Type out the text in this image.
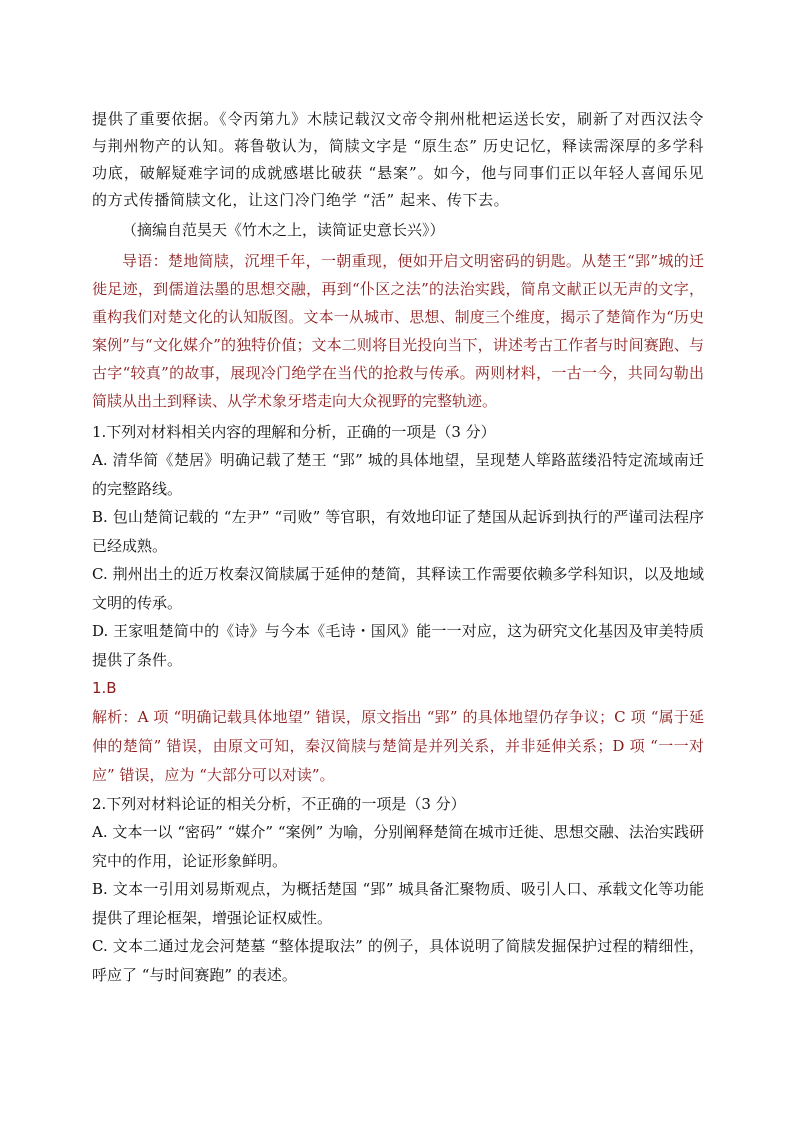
提供了重要依据。《令丙第九》木牍记载汉文帝令荆州枇杷运送长安，刷新了对西汉法令与荆州物产的认知。蒋鲁敬认为，简牍文字是 “原生态” 历史记忆，释读需深厚的多学科功底，破解疑难字词的成就感堪比破获 “悬案”。如今，他与同事们正以年轻人喜闻乐见的方式传播简牍文化，让这门冷门绝学 “活” 起来、传下去。

（摘编自范昊天《竹木之上，读简证史意长兴》）

导语：楚地简牍，沉埋千年，一朝重现，便如开启文明密码的钥匙。从楚王“郢”城的迁徙足迹，到儒道法墨的思想交融，再到“仆区之法”的法治实践，简帛文献正以无声的文字，重构我们对楚文化的认知版图。文本一从城市、思想、制度三个维度，揭示了楚简作为“历史案例”与“文化媒介”的独特价值；文本二则将目光投向当下，讲述考古工作者与时间赛跑、与古字“较真”的故事，展现冷门绝学在当代的抢救与传承。两则材料，一古一今，共同勾勒出简牍从出土到释读、从学术象牙塔走向大众视野的完整轨迹。

1.下列对材料相关内容的理解和分析，正确的一项是（3 分）

A. 清华简《楚居》明确记载了楚王 “郢” 城的具体地望，呈现楚人筚路蓝缕沿特定流域南迁的完整路线。

B. 包山楚简记载的 “左尹” “司败” 等官职，有效地印证了楚国从起诉到执行的严谨司法程序已经成熟。

C. 荆州出土的近万枚秦汉简牍属于延伸的楚简，其释读工作需要依赖多学科知识，以及地域文明的传承。

D. 王家咀楚简中的《诗》与今本《毛诗・国风》能一一对应，这为研究文化基因及审美特质提供了条件。

1.B

解析：A 项 “明确记载具体地望” 错误，原文指出 “郢” 的具体地望仍存争议；C 项 “属于延伸的楚简” 错误，由原文可知，秦汉简牍与楚简是并列关系，并非延伸关系；D 项 “一一对应” 错误，应为 “大部分可以对读”。

2.下列对材料论证的相关分析，不正确的一项是（3 分）

A. 文本一以 “密码” “媒介” “案例” 为喻，分别阐释楚简在城市迁徙、思想交融、法治实践研究中的作用，论证形象鲜明。

B. 文本一引用刘易斯观点，为概括楚国 “郢” 城具备汇聚物质、吸引人口、承载文化等功能提供了理论框架，增强论证权威性。

C. 文本二通过龙会河楚墓 “整体提取法” 的例子，具体说明了简牍发掘保护过程的精细性，呼应了 “与时间赛跑” 的表述。
